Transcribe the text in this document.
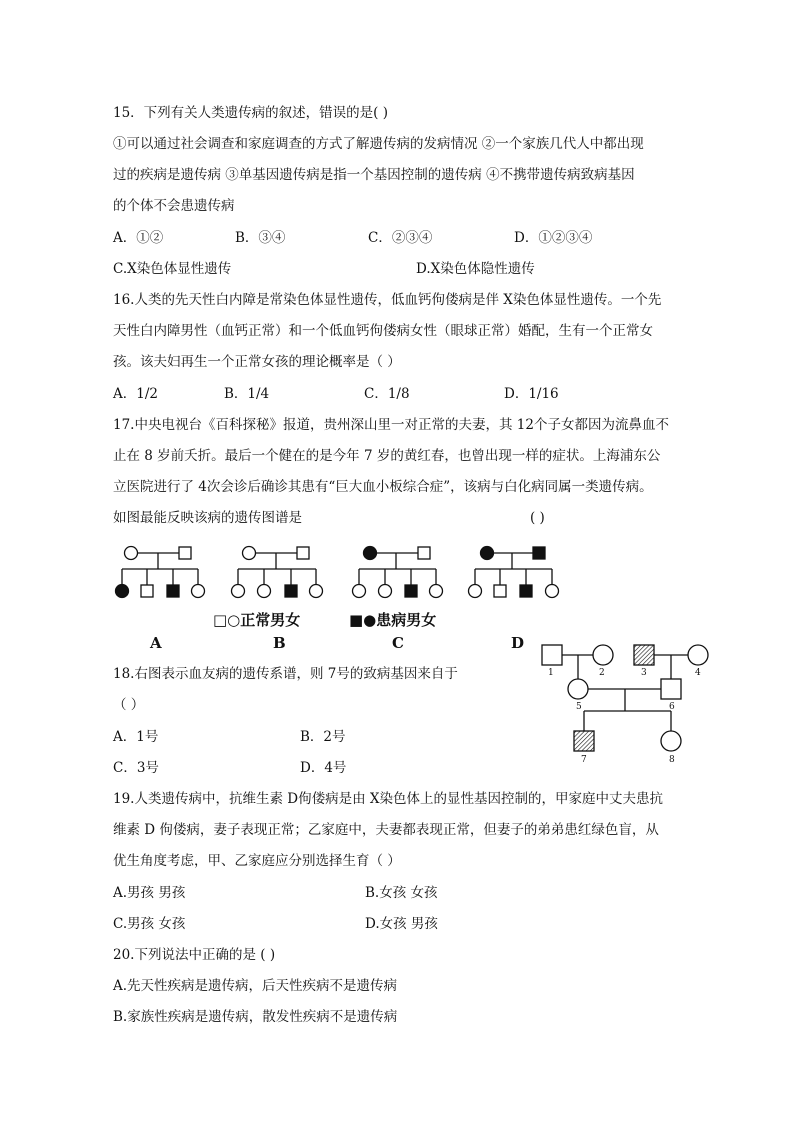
15．下列有关人类遗传病的叙述，错误的是( )
①可以通过社会调查和家庭调查的方式了解遗传病的发病情况 ②一个家族几代人中都出现
过的疾病是遗传病 ③单基因遗传病是指一个基因控制的遗传病 ④不携带遗传病致病基因
的个体不会患遗传病
A．①②	B．③④	C．②③④	D．①②③④
C.X染色体显性遗传	D.X染色体隐性遗传
16.人类的先天性白内障是常染色体显性遗传，低血钙佝偻病是伴 X染色体显性遗传。一个先
天性白内障男性（血钙正常）和一个低血钙佝偻病女性（眼球正常）婚配，生有一个正常女
孩。该夫妇再生一个正常女孩的理论概率是（ ）
A．1/2	B．1/4	C．1/8	D．1/16
17.中央电视台《百科探秘》报道，贵州深山里一对正常的夫妻，其 12个子女都因为流鼻血不
止在 8 岁前夭折。最后一个健在的是今年 7 岁的黄红春，也曾出现一样的症状。上海浦东公
立医院进行了 4次会诊后确诊其患有“巨大血小板综合症”，该病与白化病同属一类遗传病。
如图最能反映该病的遗传图谱是	( )
□○正常男女	■●患病男女
A	B	C	D
18.右图表示血友病的遗传系谱，则 7号的致病基因来自于
（ ）
A．1号	B．2号
C．3号	D．4号
1	2	3	4
5	6
7	8
19.人类遗传病中，抗维生素 D佝偻病是由 X染色体上的显性基因控制的，甲家庭中丈夫患抗
维素 D 佝偻病，妻子表现正常；乙家庭中，夫妻都表现正常，但妻子的弟弟患红绿色盲，从
优生角度考虑，甲、乙家庭应分别选择生育（ ）
A.男孩 男孩	B.女孩 女孩
C.男孩 女孩	D.女孩 男孩
20.下列说法中正确的是 ( )
A.先天性疾病是遗传病，后天性疾病不是遗传病
B.家族性疾病是遗传病，散发性疾病不是遗传病
